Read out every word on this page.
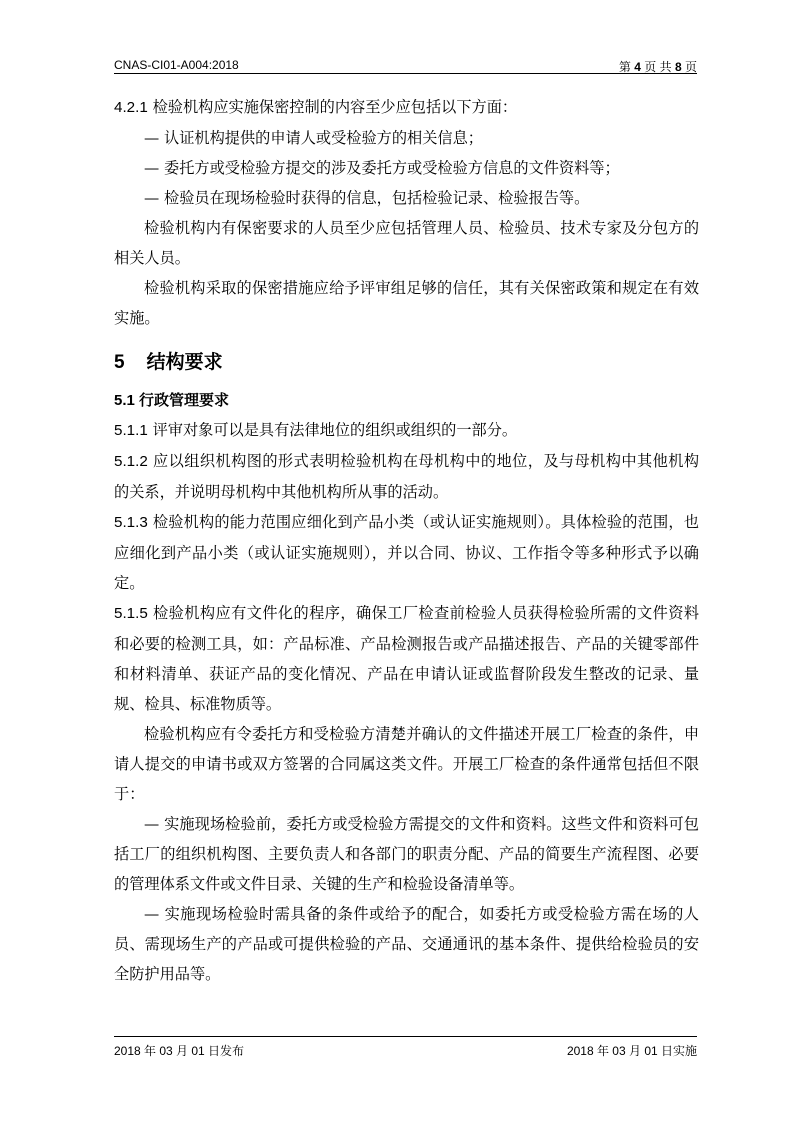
CNAS-CI01-A004:2018	第 4 页 共 8 页

4.2.1 检验机构应实施保密控制的内容至少应包括以下方面：

— 认证机构提供的申请人或受检验方的相关信息；

— 委托方或受检验方提交的涉及委托方或受检验方信息的文件资料等；

— 检验员在现场检验时获得的信息，包括检验记录、检验报告等。

检验机构内有保密要求的人员至少应包括管理人员、检验员、技术专家及分包方的相关人员。

检验机构采取的保密措施应给予评审组足够的信任，其有关保密政策和规定在有效实施。

5 结构要求
5.1 行政管理要求

5.1.1 评审对象可以是具有法律地位的组织或组织的一部分。

5.1.2 应以组织机构图的形式表明检验机构在母机构中的地位，及与母机构中其他机构的关系，并说明母机构中其他机构所从事的活动。

5.1.3 检验机构的能力范围应细化到产品小类（或认证实施规则）。具体检验的范围，也应细化到产品小类（或认证实施规则），并以合同、协议、工作指令等多种形式予以确定。

5.1.5 检验机构应有文件化的程序，确保工厂检查前检验人员获得检验所需的文件资料和必要的检测工具，如：产品标准、产品检测报告或产品描述报告、产品的关键零部件和材料清单、获证产品的变化情况、产品在申请认证或监督阶段发生整改的记录、量规、检具、标准物质等。

检验机构应有令委托方和受检验方清楚并确认的文件描述开展工厂检查的条件，申请人提交的申请书或双方签署的合同属这类文件。开展工厂检查的条件通常包括但不限于：

— 实施现场检验前，委托方或受检验方需提交的文件和资料。这些文件和资料可包括工厂的组织机构图、主要负责人和各部门的职责分配、产品的简要生产流程图、必要的管理体系文件或文件目录、关键的生产和检验设备清单等。

— 实施现场检验时需具备的条件或给予的配合，如委托方或受检验方需在场的人员、需现场生产的产品或可提供检验的产品、交通通讯的基本条件、提供给检验员的安全防护用品等。

2018 年 03 月 01 日发布	2018 年 03 月 01 日实施
